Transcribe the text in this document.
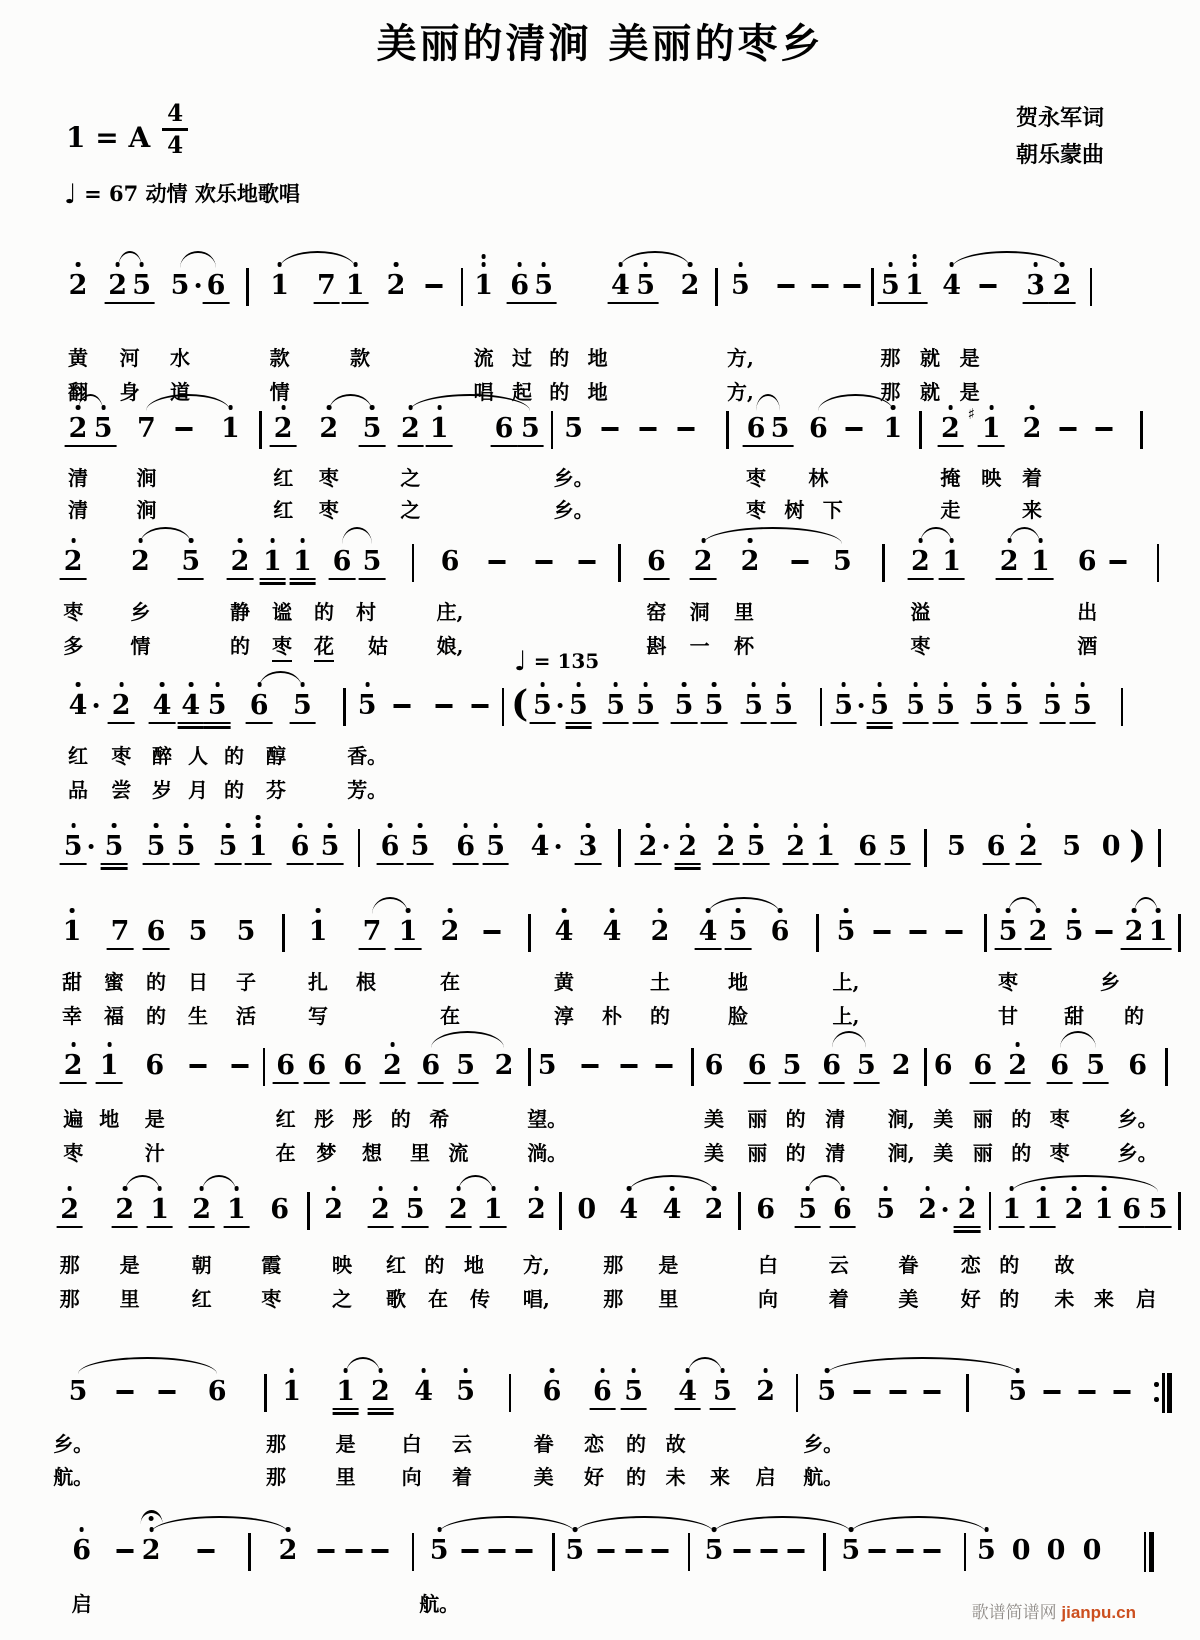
美丽的清涧 美丽的枣乡
1 = A $\frac{4}{4}$	贺永军词
朝乐蒙曲
♩ = 67 动情 欢乐地歌唱
♩ = 135
2 2 5 5 6 1 7 1 2	1 6 5 4 5 2 5	5 1 4 3 2
黄 河 水	款	款	流 过 的 地	方,	那 就 是
翻 身 道	情	唱 起 的 地	方,	那 就 是
2 5 7 1 2 2 5 2 1 6 5 5	6 5 6 1 2 1
♯ 2
清 涧	红 枣	之	乡。	枣 林	掩 映 着
清 涧	红 枣	之	乡。	枣 树 下	走	来
2 2 5 2 1 1 6 5 6	6 2 2	5 2 1 2 1 6
枣 乡	静 谧 的 村	庄,	窑 洞 里	溢	出
多 情	的 枣 花 姑 娘,	斟 一 杯	枣	酒
4 2 4 4 5 6 5 5	( 5 5 5 5 5 5 5 5 5 5 5 5 5 5 5 5
红 枣 醉 人 的 醇	香。
品 尝 岁 月 的 芬	芳。
5 5 5 5 5 1 6 5 6 5 6 5 4 3 2 2 2 5 2 1 6 5 5 6 2 5 0 )
1 7 6 5 5 1 7 1 2	4 4 2 4 5 6 5	5 2 5 2 1
甜 蜜 的 日 子	扎 根	在	黄	土	地	上,	枣	乡
幸 福 的 生 活	写	在	淳 朴 的	脸	上,	甘 甜 的
2 1 6	6 6 6 2 6 5 2 5	6 6 5 6 5 2 6 6 2 6 5 6
遍 地 是	红 彤 彤 的 希	望。	美 丽 的 清 涧, 美 丽 的 枣 乡。
枣	汁	在 梦 想 里 流	淌。	美 丽 的 清 涧, 美 丽 的 枣 乡。
2 2 1 2 1 6 2 2 5 2 1 2 0 4 4 2 6 5 6 5 2 2 1 1 2 1 6 5
那 是	朝 霞	映 红 的 地 方,	那 是	白	云 眷 恋 的 故
那 里	红 枣	之 歌 在 传 唱,	那 里	向	着 美 好 的 未 来 启
5	6 1 1 2 4 5	6 6 5 4 5 2 5	5
乡。	那 是 白 云	眷 恋 的 故	乡。
航。	那 里 向 着	美 好 的 未 来 启 航。
6 2	2	5	5	5	5	5 0 0 0
启	航。	歌谱简谱网 jianpu.cn
